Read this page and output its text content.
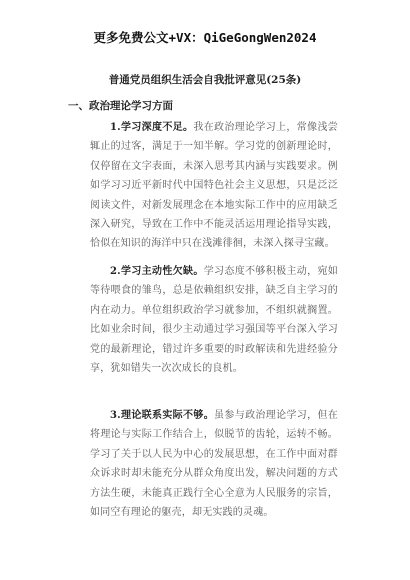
更多免费公文+VX：QiGeGongWen2024
普通党员组织生活会自我批评意见(25条)
一、政治理论学习方面

1.学习深度不足。我在政治理论学习上，常像浅尝辄止的过客，满足于一知半解。学习党的创新理论时，仅停留在文字表面，未深入思考其内涵与实践要求。例如学习习近平新时代中国特色社会主义思想，只是泛泛阅读文件，对新发展理念在本地实际工作中的应用缺乏深入研究，导致在工作中不能灵活运用理论指导实践，恰似在知识的海洋中只在浅滩徘徊，未深入探寻宝藏。

2.学习主动性欠缺。学习态度不够积极主动，宛如等待喂食的雏鸟，总是依赖组织安排，缺乏自主学习的内在动力。单位组织政治学习就参加，不组织就搁置。比如业余时间，很少主动通过学习强国等平台深入学习党的最新理论，错过许多重要的时政解读和先进经验分享，犹如错失一次次成长的良机。

3.理论联系实际不够。虽参与政治理论学习，但在将理论与实际工作结合上，似脱节的齿轮，运转不畅。学习了关于以人民为中心的发展思想，在工作中面对群众诉求时却未能充分从群众角度出发，解决问题的方式方法生硬，未能真正践行全心全意为人民服务的宗旨，如同空有理论的躯壳，却无实践的灵魂。
